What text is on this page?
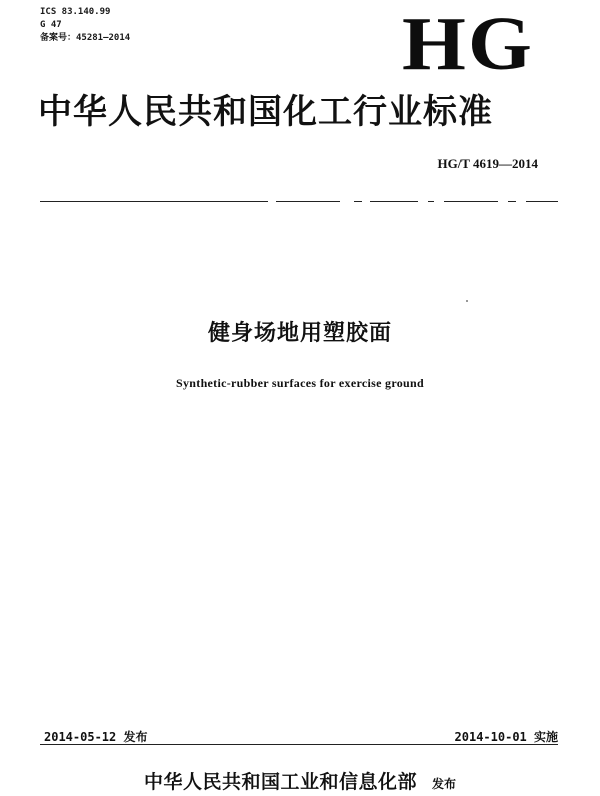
ICS 83.140.99
G 47
备案号：45281—2014	HG
中华人民共和国化工行业标准
HG/T 4619—2014
健身场地用塑胶面
Synthetic-rubber surfaces for exercise ground
2014-05-12 发布	2014-10-01 实施
中华人民共和国工业和信息化部 发布
